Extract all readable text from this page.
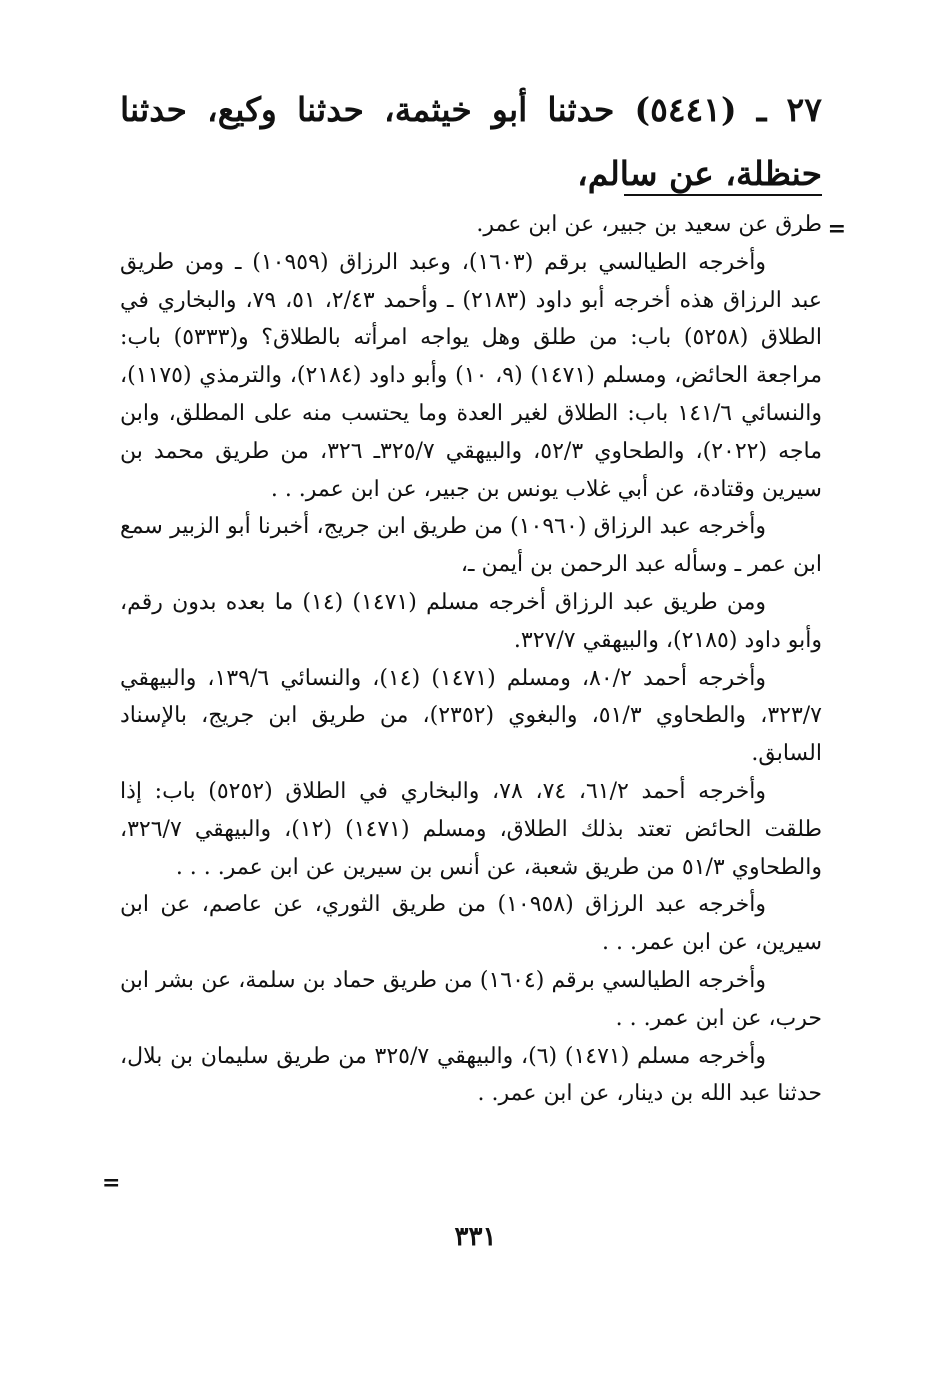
٢٧ ـ (٥٤٤١) حدثنا أبو خيثمة، حدثنا وكيع، حدثنا حنظلة، عن سالم،
=

طرق عن سعيد بن جبير، عن ابن عمر.

وأخرجه الطيالسي برقم (١٦٠٣)، وعبد الرزاق (١٠٩٥٩) ـ ومن طريق عبد الرزاق هذه أخرجه أبو داود (٢١٨٣) ـ وأحمد ٢/٤٣، ٥١، ٧٩، والبخاري في الطلاق (٥٢٥٨) باب: من طلق وهل يواجه امرأته بالطلاق؟ و(٥٣٣٣) باب: مراجعة الحائض، ومسلم (١٤٧١) (٩، ١٠) وأبو داود (٢١٨٤)، والترمذي (١١٧٥)، والنسائي ١٤١/٦ باب: الطلاق لغير العدة وما يحتسب منه على المطلق، وابن ماجه (٢٠٢٢)، والطحاوي ٥٢/٣، والبيهقي ٣٢٥/٧ـ ٣٢٦، من طريق محمد بن سيرين وقتادة، عن أبي غلاب يونس بن جبير، عن ابن عمر. . .

وأخرجه عبد الرزاق (١٠٩٦٠) من طريق ابن جريج، أخبرنا أبو الزبير سمع ابن عمر ـ وسأله عبد الرحمن بن أيمن ـ،

ومن طريق عبد الرزاق أخرجه مسلم (١٤٧١) (١٤) ما بعده بدون رقم، وأبو داود (٢١٨٥)، والبيهقي ٣٢٧/٧.

وأخرجه أحمد ٨٠/٢، ومسلم (١٤٧١) (١٤)، والنسائي ١٣٩/٦، والبيهقي ٣٢٣/٧، والطحاوي ٥١/٣، والبغوي (٢٣٥٢)، من طريق ابن جريج، بالإسناد السابق.

وأخرجه أحمد ٦١/٢، ٧٤، ٧٨، والبخاري في الطلاق (٥٢٥٢) باب: إذا طلقت الحائض تعتد بذلك الطلاق، ومسلم (١٤٧١) (١٢)، والبيهقي ٣٢٦/٧، والطحاوي ٥١/٣ من طريق شعبة، عن أنس بن سيرين عن ابن عمر. . . .

وأخرجه عبد الرزاق (١٠٩٥٨) من طريق الثوري، عن عاصم، عن ابن سيرين، عن ابن عمر. . .

وأخرجه الطيالسي برقم (١٦٠٤) من طريق حماد بن سلمة، عن بشر ابن حرب، عن ابن عمر. . .

وأخرجه مسلم (١٤٧١) (٦)، والبيهقي ٣٢٥/٧ من طريق سليمان بن بلال، حدثنا عبد الله بن دينار، عن ابن عمر. .

=
٣٣١
